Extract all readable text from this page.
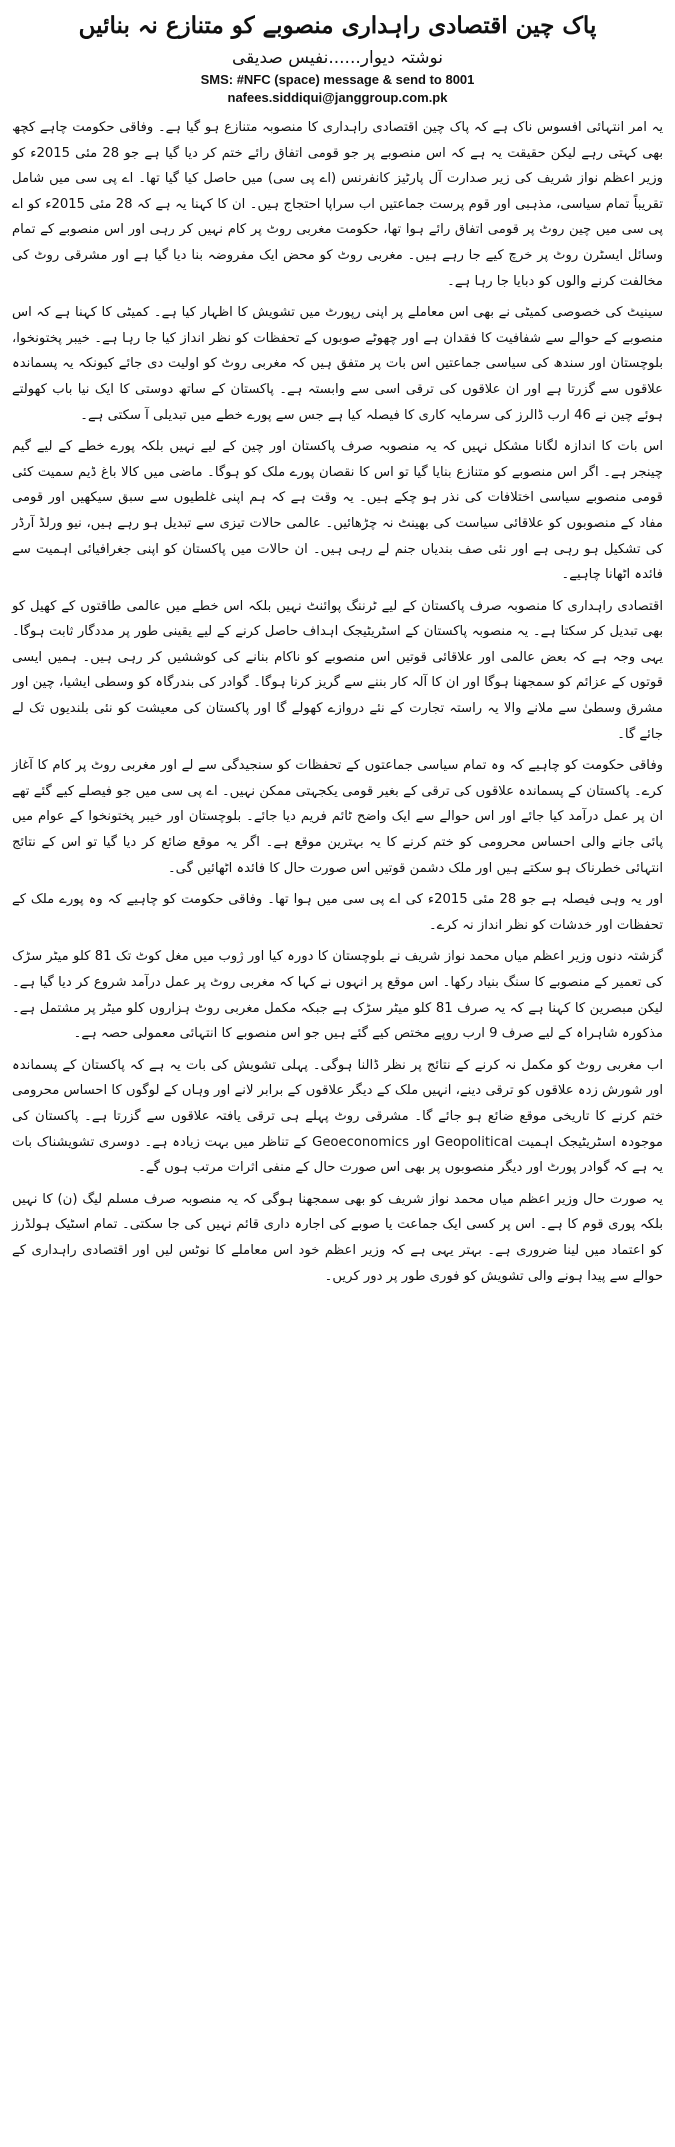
پاک چین اقتصادی راہداری منصوبے کو متنازع نہ بنائیں
نوشتہ دیوار......نفیس صدیقی
SMS: #NFC (space) message & send to 8001
nafees.siddiqui@janggroup.com.pk

یہ امر انتہائی افسوس ناک ہے کہ پاک چین اقتصادی راہداری کا منصوبہ متنازع ہو گیا ہے۔ وفاقی حکومت چاہے کچھ بھی کہتی رہے لیکن حقیقت یہ ہے کہ اس منصوبے پر جو قومی اتفاق رائے ختم کر دیا گیا ہے جو 28 مئی 2015ء کو وزیر اعظم نواز شریف کی زیر صدارت آل پارٹیز کانفرنس (اے پی سی) میں حاصل کیا گیا تھا۔ اے پی سی میں شامل تقریباً تمام سیاسی، مذہبی اور قوم پرست جماعتیں اب سراپا احتجاج ہیں۔ ان کا کہنا یہ ہے کہ 28 مئی 2015ء کو اے پی سی میں چین روٹ پر قومی اتفاق رائے ہوا تھا، حکومت مغربی روٹ پر کام نہیں کر رہی اور اس منصوبے کے تمام وسائل ایسٹرن روٹ پر خرچ کیے جا رہے ہیں۔ مغربی روٹ کو محض ایک مفروضہ بنا دیا گیا ہے اور مشرقی روٹ کی مخالفت کرنے والوں کو دبایا جا رہا ہے۔

سینیٹ کی خصوصی کمیٹی نے بھی اس معاملے پر اپنی رپورٹ میں تشویش کا اظہار کیا ہے۔ کمیٹی کا کہنا ہے کہ اس منصوبے کے حوالے سے شفافیت کا فقدان ہے اور چھوٹے صوبوں کے تحفظات کو نظر انداز کیا جا رہا ہے۔ خیبر پختونخوا، بلوچستان اور سندھ کی سیاسی جماعتیں اس بات پر متفق ہیں کہ مغربی روٹ کو اولیت دی جائے کیونکہ یہ پسماندہ علاقوں سے گزرتا ہے اور ان علاقوں کی ترقی اسی سے وابستہ ہے۔ پاکستان کے ساتھ دوستی کا ایک نیا باب کھولتے ہوئے چین نے 46 ارب ڈالرز کی سرمایہ کاری کا فیصلہ کیا ہے جس سے پورے خطے میں تبدیلی آ سکتی ہے۔

اس بات کا اندازہ لگانا مشکل نہیں کہ یہ منصوبہ صرف پاکستان اور چین کے لیے نہیں بلکہ پورے خطے کے لیے گیم چینجر ہے۔ اگر اس منصوبے کو متنازع بنایا گیا تو اس کا نقصان پورے ملک کو ہوگا۔ ماضی میں کالا باغ ڈیم سمیت کئی قومی منصوبے سیاسی اختلافات کی نذر ہو چکے ہیں۔ یہ وقت ہے کہ ہم اپنی غلطیوں سے سبق سیکھیں اور قومی مفاد کے منصوبوں کو علاقائی سیاست کی بھینٹ نہ چڑھائیں۔ عالمی حالات تیزی سے تبدیل ہو رہے ہیں، نیو ورلڈ آرڈر کی تشکیل ہو رہی ہے اور نئی صف بندیاں جنم لے رہی ہیں۔ ان حالات میں پاکستان کو اپنی جغرافیائی اہمیت سے فائدہ اٹھانا چاہیے۔

اقتصادی راہداری کا منصوبہ صرف پاکستان کے لیے ٹرننگ پوائنٹ نہیں بلکہ اس خطے میں عالمی طاقتوں کے کھیل کو بھی تبدیل کر سکتا ہے۔ یہ منصوبہ پاکستان کے اسٹریٹیجک اہداف حاصل کرنے کے لیے یقینی طور پر مددگار ثابت ہوگا۔ یہی وجہ ہے کہ بعض عالمی اور علاقائی قوتیں اس منصوبے کو ناکام بنانے کی کوششیں کر رہی ہیں۔ ہمیں ایسی قوتوں کے عزائم کو سمجھنا ہوگا اور ان کا آلہ کار بننے سے گریز کرنا ہوگا۔ گوادر کی بندرگاہ کو وسطی ایشیا، چین اور مشرق وسطیٰ سے ملانے والا یہ راستہ تجارت کے نئے دروازے کھولے گا اور پاکستان کی معیشت کو نئی بلندیوں تک لے جائے گا۔

وفاقی حکومت کو چاہیے کہ وہ تمام سیاسی جماعتوں کے تحفظات کو سنجیدگی سے لے اور مغربی روٹ پر کام کا آغاز کرے۔ پاکستان کے پسماندہ علاقوں کی ترقی کے بغیر قومی یکجہتی ممکن نہیں۔ اے پی سی میں جو فیصلے کیے گئے تھے ان پر عمل درآمد کیا جائے اور اس حوالے سے ایک واضح ٹائم فریم دیا جائے۔ بلوچستان اور خیبر پختونخوا کے عوام میں پائی جانے والی احساس محرومی کو ختم کرنے کا یہ بہترین موقع ہے۔ اگر یہ موقع ضائع کر دیا گیا تو اس کے نتائج انتہائی خطرناک ہو سکتے ہیں اور ملک دشمن قوتیں اس صورت حال کا فائدہ اٹھائیں گی۔

اور یہ وہی فیصلہ ہے جو 28 مئی 2015ء کی اے پی سی میں ہوا تھا۔ وفاقی حکومت کو چاہیے کہ وہ پورے ملک کے تحفظات اور خدشات کو نظر انداز نہ کرے۔

گزشتہ دنوں وزیر اعظم میاں محمد نواز شریف نے بلوچستان کا دورہ کیا اور ژوب میں مغل کوٹ تک 81 کلو میٹر سڑک کی تعمیر کے منصوبے کا سنگ بنیاد رکھا۔ اس موقع پر انہوں نے کہا کہ مغربی روٹ پر عمل درآمد شروع کر دیا گیا ہے۔ لیکن مبصرین کا کہنا ہے کہ یہ صرف 81 کلو میٹر سڑک ہے جبکہ مکمل مغربی روٹ ہزاروں کلو میٹر پر مشتمل ہے۔ مذکورہ شاہراہ کے لیے صرف 9 ارب روپے مختص کیے گئے ہیں جو اس منصوبے کا انتہائی معمولی حصہ ہے۔

اب مغربی روٹ کو مکمل نہ کرنے کے نتائج پر نظر ڈالنا ہوگی۔ پہلی تشویش کی بات یہ ہے کہ پاکستان کے پسماندہ اور شورش زدہ علاقوں کو ترقی دینے، انہیں ملک کے دیگر علاقوں کے برابر لانے اور وہاں کے لوگوں کا احساس محرومی ختم کرنے کا تاریخی موقع ضائع ہو جائے گا۔ مشرقی روٹ پہلے ہی ترقی یافتہ علاقوں سے گزرتا ہے۔ پاکستان کی موجودہ اسٹریٹیجک اہمیت Geopolitical اور Geoeconomics کے تناظر میں بہت زیادہ ہے۔ دوسری تشویشناک بات یہ ہے کہ گوادر پورٹ اور دیگر منصوبوں پر بھی اس صورت حال کے منفی اثرات مرتب ہوں گے۔

یہ صورت حال وزیر اعظم میاں محمد نواز شریف کو بھی سمجھنا ہوگی کہ یہ منصوبہ صرف مسلم لیگ (ن) کا نہیں بلکہ پوری قوم کا ہے۔ اس پر کسی ایک جماعت یا صوبے کی اجارہ داری قائم نہیں کی جا سکتی۔ تمام اسٹیک ہولڈرز کو اعتماد میں لینا ضروری ہے۔ بہتر یہی ہے کہ وزیر اعظم خود اس معاملے کا نوٹس لیں اور اقتصادی راہداری کے حوالے سے پیدا ہونے والی تشویش کو فوری طور پر دور کریں۔
